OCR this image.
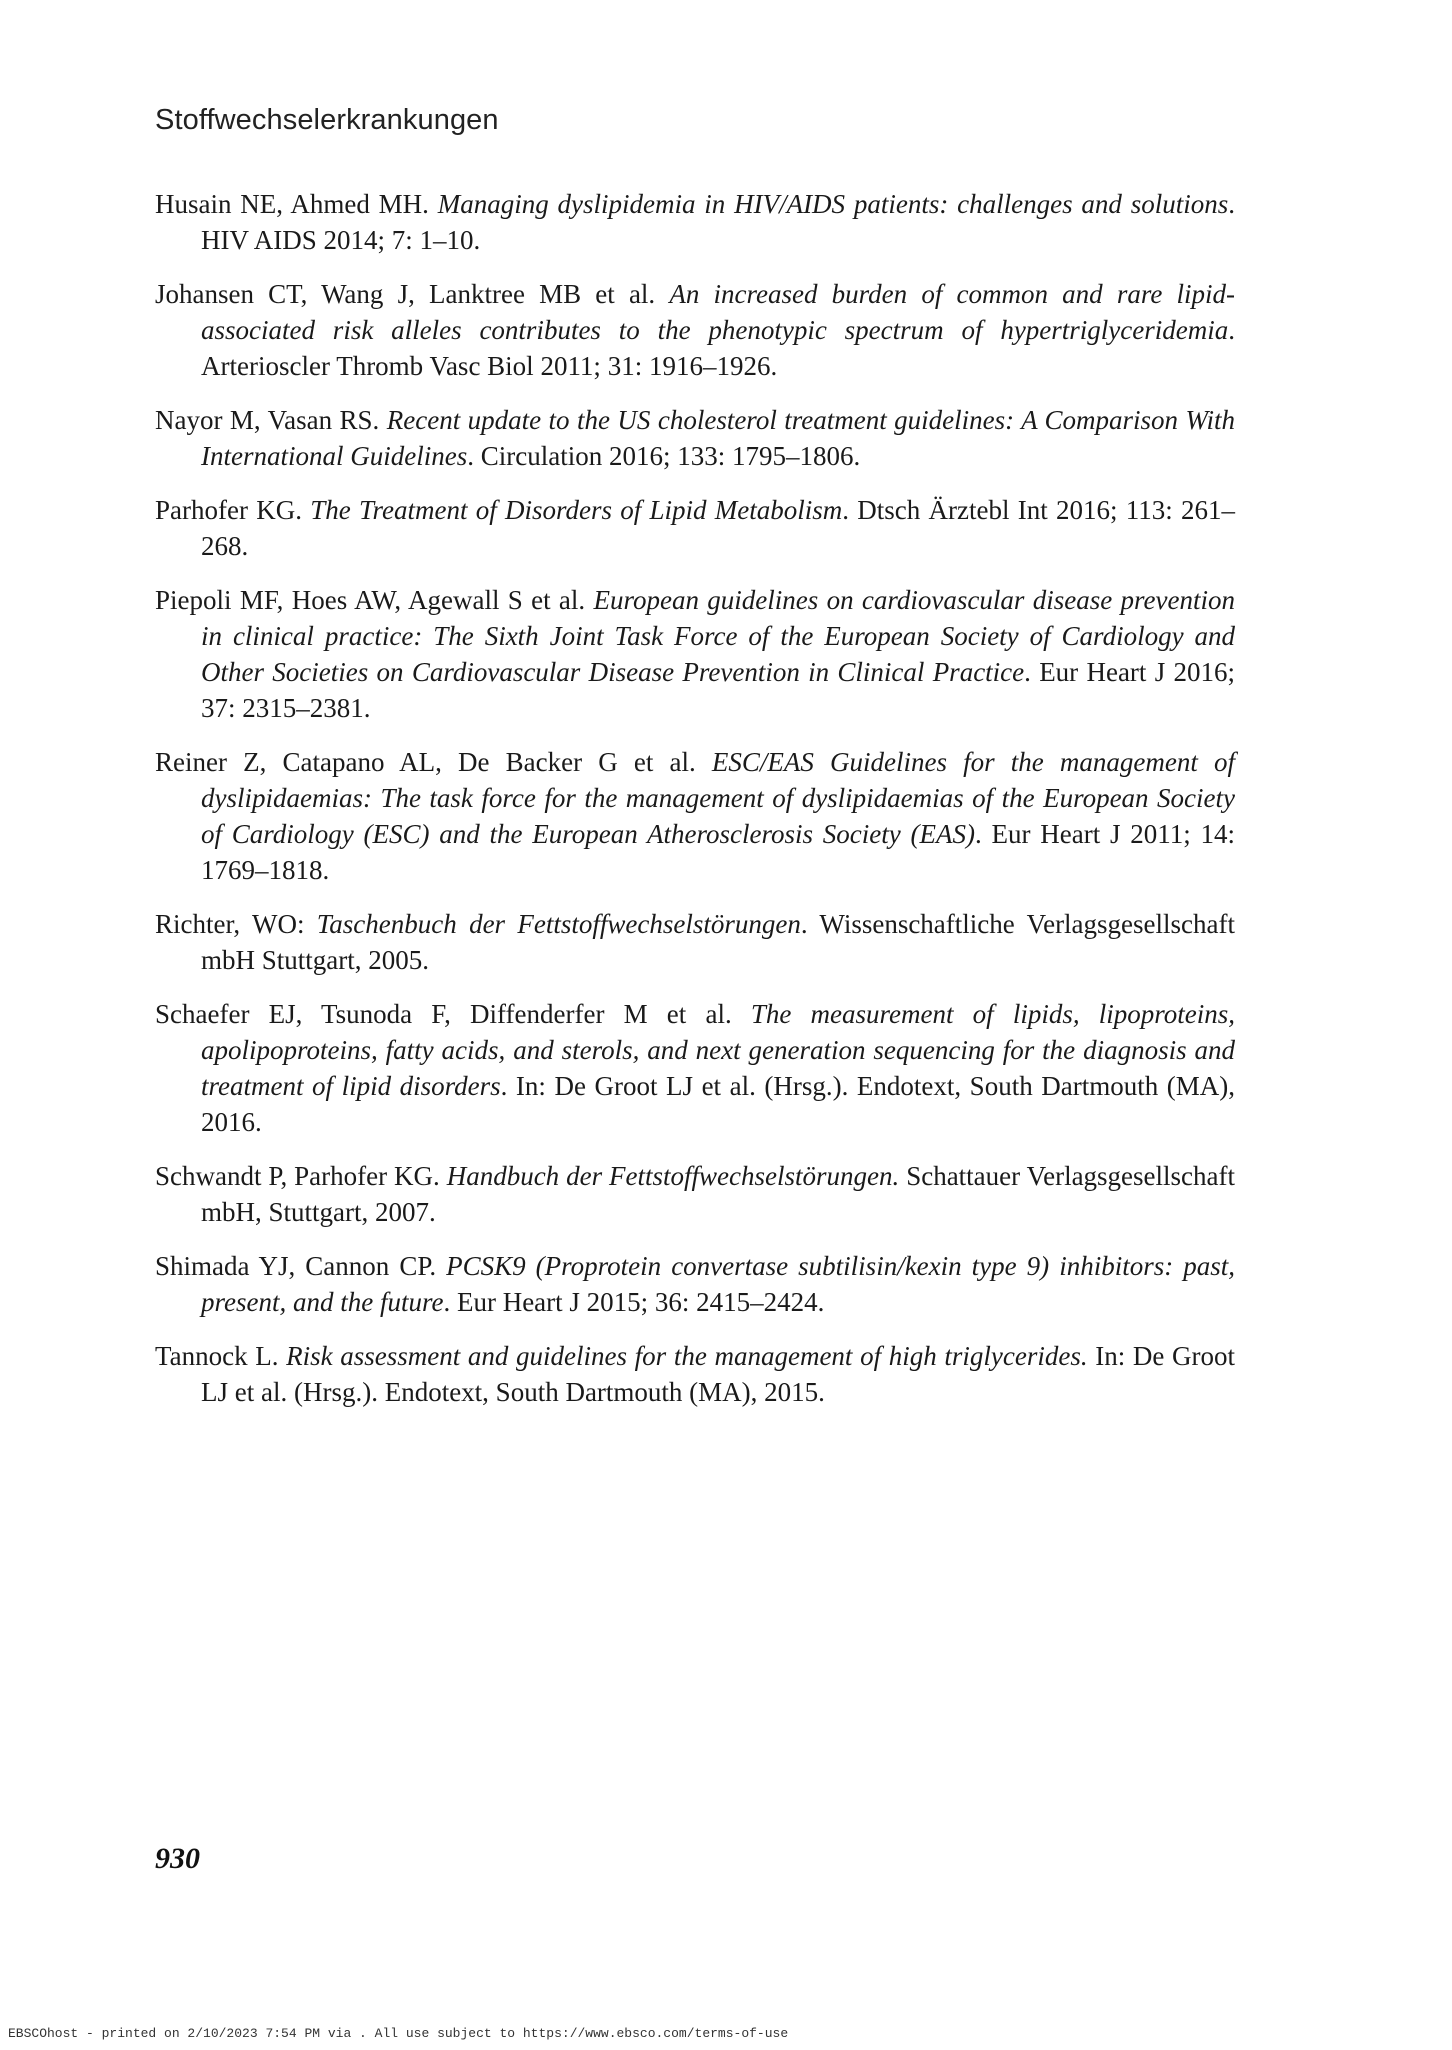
Stoffwechselerkrankungen
Husain NE, Ahmed MH. Managing dyslipidemia in HIV/AIDS patients: challenges and solutions. HIV AIDS 2014; 7: 1–10.
Johansen CT, Wang J, Lanktree MB et al. An increased burden of common and rare lipid-associated risk alleles contributes to the phenotypic spectrum of hypertriglyceridemia. Arterioscler Thromb Vasc Biol 2011; 31: 1916–1926.
Nayor M, Vasan RS. Recent update to the US cholesterol treatment guidelines: A Comparison With International Guidelines. Circulation 2016; 133: 1795–1806.
Parhofer KG. The Treatment of Disorders of Lipid Metabolism. Dtsch Ärztebl Int 2016; 113: 261–268.
Piepoli MF, Hoes AW, Agewall S et al. European guidelines on cardiovascular disease prevention in clinical practice: The Sixth Joint Task Force of the European Society of Cardiology and Other Societies on Cardiovascular Disease Prevention in Clinical Practice. Eur Heart J 2016; 37: 2315–2381.
Reiner Z, Catapano AL, De Backer G et al. ESC/EAS Guidelines for the management of dyslipidaemias: The task force for the management of dyslipidaemias of the European Society of Cardiology (ESC) and the European Atherosclerosis Society (EAS). Eur Heart J 2011; 14: 1769–1818.
Richter, WO: Taschenbuch der Fettstoffwechselstörungen. Wissenschaftliche Verlagsgesellschaft mbH Stuttgart, 2005.
Schaefer EJ, Tsunoda F, Diffenderfer M et al. The measurement of lipids, lipoproteins, apolipoproteins, fatty acids, and sterols, and next generation sequencing for the diagnosis and treatment of lipid disorders. In: De Groot LJ et al. (Hrsg.). Endotext, South Dartmouth (MA), 2016.
Schwandt P, Parhofer KG. Handbuch der Fettstoffwechselstörungen. Schattauer Verlagsgesellschaft mbH, Stuttgart, 2007.
Shimada YJ, Cannon CP. PCSK9 (Proprotein convertase subtilisin/kexin type 9) inhibitors: past, present, and the future. Eur Heart J 2015; 36: 2415–2424.
Tannock L. Risk assessment and guidelines for the management of high triglycerides. In: De Groot LJ et al. (Hrsg.). Endotext, South Dartmouth (MA), 2015.
930
EBSCOhost - printed on 2/10/2023 7:54 PM via . All use subject to https://www.ebsco.com/terms-of-use
